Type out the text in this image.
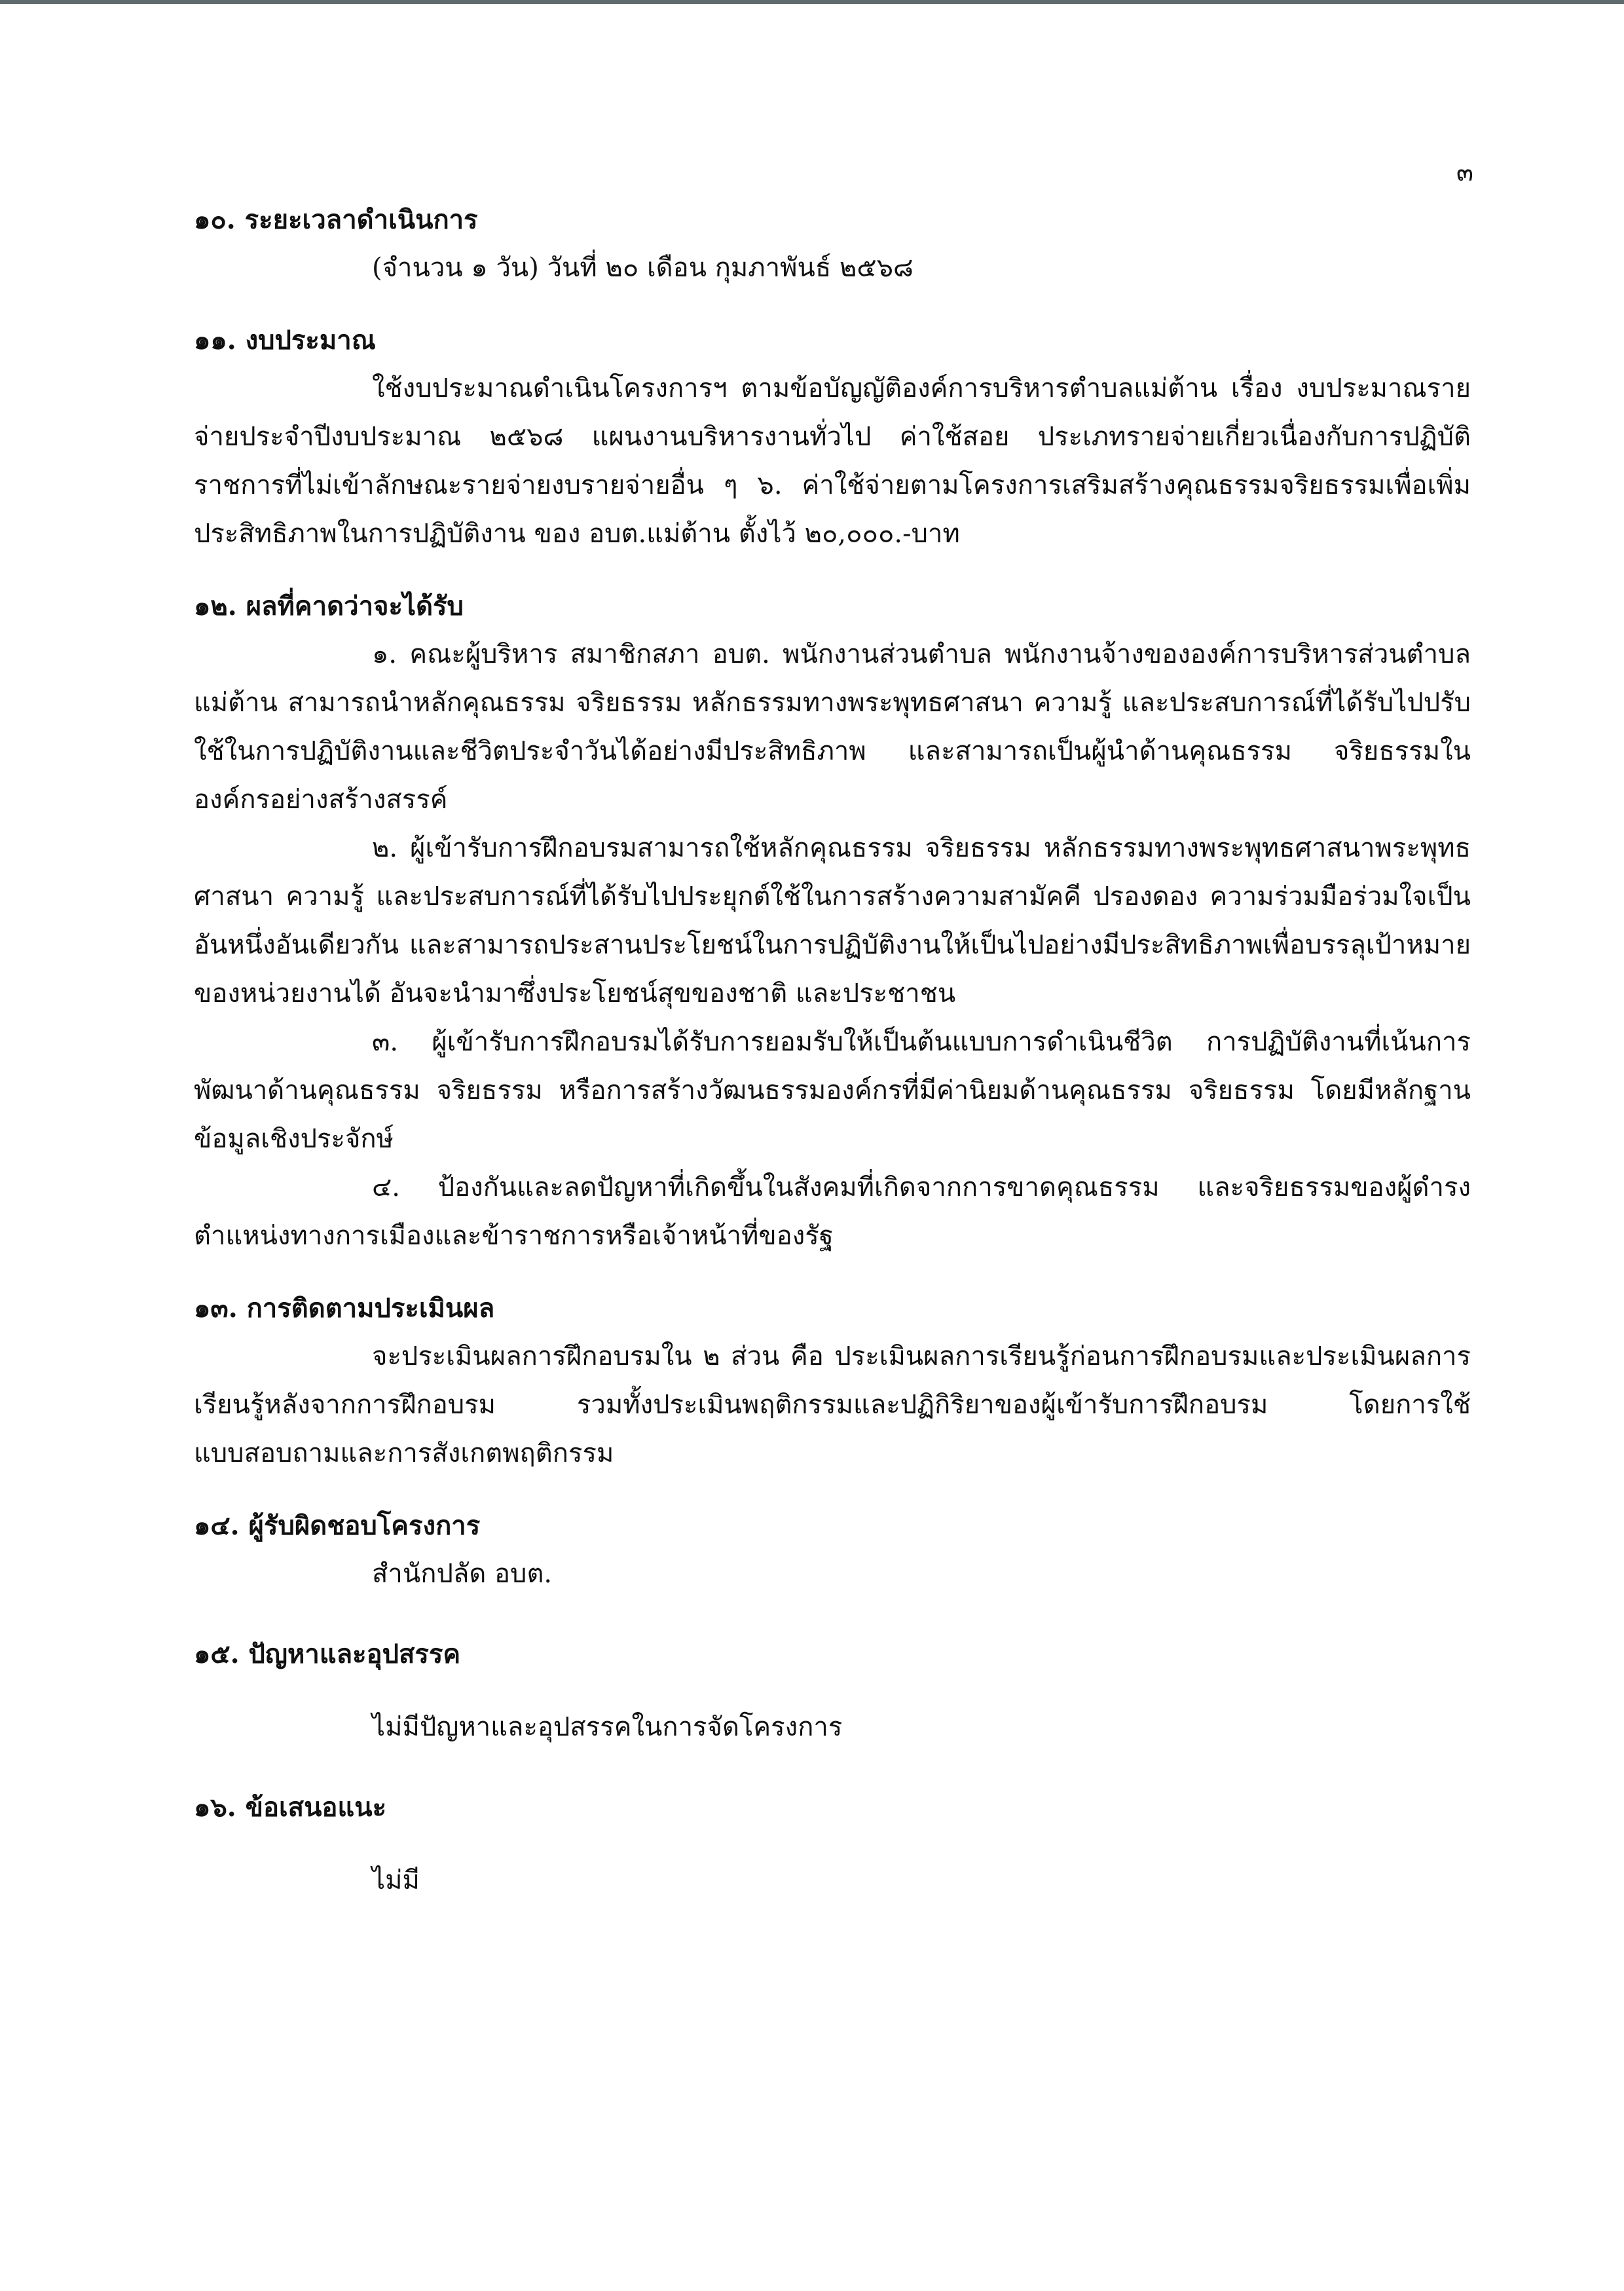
๓
๑๐. ระยะเวลาดำเนินการ
(จำนวน ๑ วัน) วันที่ ๒๐ เดือน กุมภาพันธ์ ๒๕๖๘
๑๑. งบประมาณ

ใช้งบประมาณดำเนินโครงการฯ ตามข้อบัญญัติองค์การบริหารตำบลแม่ต้าน เรื่อง งบประมาณรายจ่ายประจำปีงบประมาณ ๒๕๖๘ แผนงานบริหารงานทั่วไป ค่าใช้สอย ประเภทรายจ่ายเกี่ยวเนื่องกับการปฏิบัติราชการที่ไม่เข้าลักษณะรายจ่ายงบรายจ่ายอื่น ๆ ๖. ค่าใช้จ่ายตามโครงการเสริมสร้างคุณธรรมจริยธรรมเพื่อเพิ่มประสิทธิภาพในการปฏิบัติงาน ของ อบต.แม่ต้าน ตั้งไว้ ๒๐,๐๐๐.-บาท

๑๒. ผลที่คาดว่าจะได้รับ

๑. คณะผู้บริหาร สมาชิกสภา อบต. พนักงานส่วนตำบล พนักงานจ้างขององค์การบริหารส่วนตำบลแม่ต้าน สามารถนำหลักคุณธรรม จริยธรรม หลักธรรมทางพระพุทธศาสนา ความรู้ และประสบการณ์ที่ได้รับไปปรับใช้ในการปฏิบัติงานและชีวิตประจำวันได้อย่างมีประสิทธิภาพ และสามารถเป็นผู้นำด้านคุณธรรม จริยธรรมในองค์กรอย่างสร้างสรรค์

๒. ผู้เข้ารับการฝึกอบรมสามารถใช้หลักคุณธรรม จริยธรรม หลักธรรมทางพระพุทธศาสนาพระพุทธศาสนา ความรู้ และประสบการณ์ที่ได้รับไปประยุกต์ใช้ในการสร้างความสามัคคี ปรองดอง ความร่วมมือร่วมใจเป็นอันหนึ่งอันเดียวกัน และสามารถประสานประโยชน์ในการปฏิบัติงานให้เป็นไปอย่างมีประสิทธิภาพเพื่อบรรลุเป้าหมายของหน่วยงานได้ อันจะนำมาซึ่งประโยชน์สุขของชาติ และประชาชน

๓. ผู้เข้ารับการฝึกอบรมได้รับการยอมรับให้เป็นต้นแบบการดำเนินชีวิต การปฏิบัติงานที่เน้นการพัฒนาด้านคุณธรรม จริยธรรม หรือการสร้างวัฒนธรรมองค์กรที่มีค่านิยมด้านคุณธรรม จริยธรรม โดยมีหลักฐานข้อมูลเชิงประจักษ์

๔. ป้องกันและลดปัญหาที่เกิดขึ้นในสังคมที่เกิดจากการขาดคุณธรรม และจริยธรรมของผู้ดำรงตำแหน่งทางการเมืองและข้าราชการหรือเจ้าหน้าที่ของรัฐ

๑๓. การติดตามประเมินผล

จะประเมินผลการฝึกอบรมใน ๒ ส่วน คือ ประเมินผลการเรียนรู้ก่อนการฝึกอบรมและประเมินผลการเรียนรู้หลังจากการฝึกอบรม รวมทั้งประเมินพฤติกรรมและปฏิกิริยาของผู้เข้ารับการฝึกอบรม โดยการใช้แบบสอบถามและการสังเกตพฤติกรรม

๑๔. ผู้รับผิดชอบโครงการ
สำนักปลัด อบต.
๑๕. ปัญหาและอุปสรรค
ไม่มีปัญหาและอุปสรรคในการจัดโครงการ
๑๖. ข้อเสนอแนะ
ไม่มี
